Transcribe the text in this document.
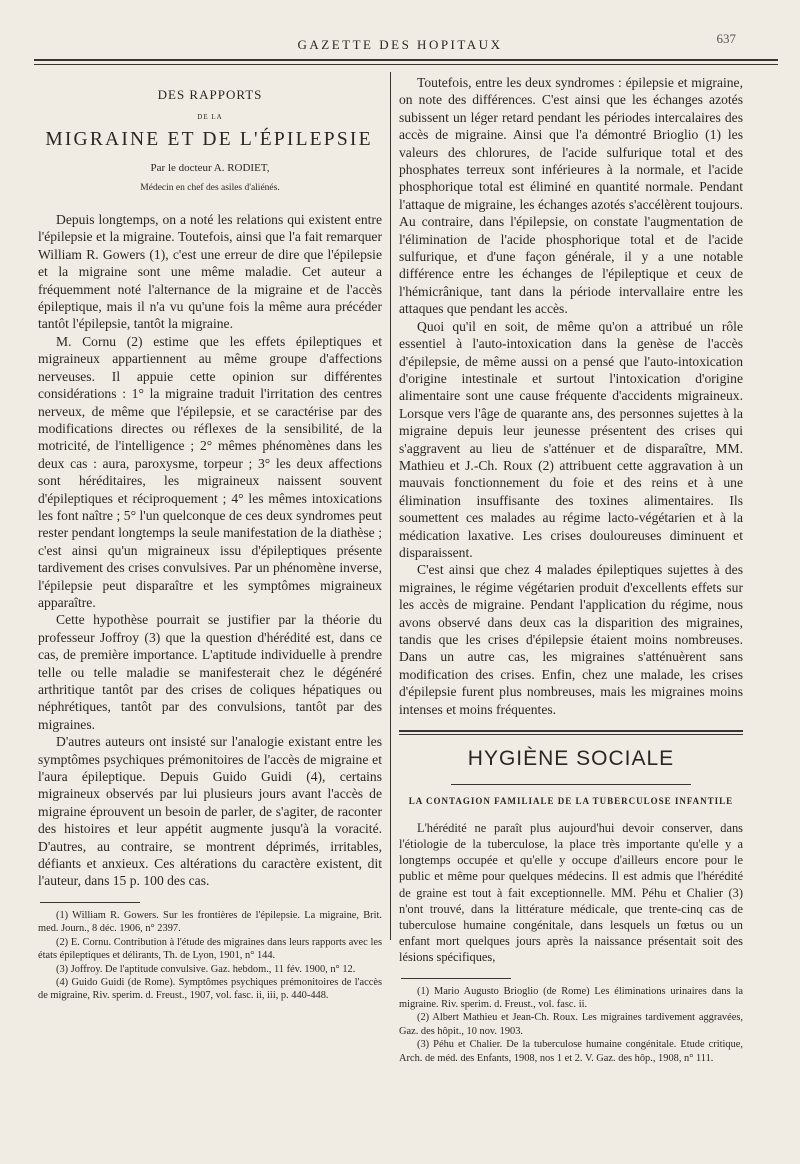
GAZETTE DES HOPITAUX	637
DES RAPPORTS
DE LA
MIGRAINE ET DE L'ÉPILEPSIE
Par le docteur A. RODIET,
Médecin en chef des asiles d'aliénés.

Depuis longtemps, on a noté les relations qui existent entre l'épilepsie et la migraine. Toutefois, ainsi que l'a fait remarquer William R. Gowers (1), c'est une erreur de dire que l'épilepsie et la migraine sont une même maladie. Cet auteur a fréquemment noté l'alternance de la migraine et de l'accès épileptique, mais il n'a vu qu'une fois la même aura précéder tantôt l'épilepsie, tantôt la migraine.

M. Cornu (2) estime que les effets épileptiques et migraineux appartiennent au même groupe d'affections nerveuses. Il appuie cette opinion sur différentes considérations : 1° la migraine traduit l'irritation des centres nerveux, de même que l'épilepsie, et se caractérise par des modifications directes ou réflexes de la sensibilité, de la motricité, de l'intelligence ; 2° mêmes phénomènes dans les deux cas : aura, paroxysme, torpeur ; 3° les deux affections sont héréditaires, les migraineux naissent souvent d'épileptiques et réciproquement ; 4° les mêmes intoxications les font naître ; 5° l'un quelconque de ces deux syndromes peut rester pendant longtemps la seule manifestation de la diathèse ; c'est ainsi qu'un migraineux issu d'épileptiques présente tardivement des crises convulsives. Par un phénomène inverse, l'épilepsie peut disparaître et les symptômes migraineux apparaître.

Cette hypothèse pourrait se justifier par la théorie du professeur Joffroy (3) que la question d'hérédité est, dans ce cas, de première importance. L'aptitude individuelle à prendre telle ou telle maladie se manifesterait chez le dégénéré arthritique tantôt par des crises de coliques hépatiques ou néphrétiques, tantôt par des convulsions, tantôt par des migraines.

D'autres auteurs ont insisté sur l'analogie existant entre les symptômes psychiques prémonitoires de l'accès de migraine et l'aura épileptique. Depuis Guido Guidi (4), certains migraineux observés par lui plusieurs jours avant l'accès de migraine éprouvent un besoin de parler, de s'agiter, de raconter des histoires et leur appétit augmente jusqu'à la voracité. D'autres, au contraire, se montrent déprimés, irritables, défiants et anxieux. Ces altérations du caractère existent, dit l'auteur, dans 15 p. 100 des cas.

(1) William R. Gowers. Sur les frontières de l'épilepsie. La migraine, Brit. med. Journ., 8 déc. 1906, n° 2397.

(2) E. Cornu. Contribution à l'étude des migraines dans leurs rapports avec les états épileptiques et délirants, Th. de Lyon, 1901, n° 144.

(3) Joffroy. De l'aptitude convulsive. Gaz. hebdom., 11 fév. 1900, n° 12.

(4) Guido Guidi (de Rome). Symptômes psychiques prémonitoires de l'accès de migraine, Riv. sperim. d. Freust., 1907, vol. fasc. ii, iii, p. 440-448.

Toutefois, entre les deux syndromes : épilepsie et migraine, on note des différences. C'est ainsi que les échanges azotés subissent un léger retard pendant les périodes intercalaires des accès de migraine. Ainsi que l'a démontré Brioglio (1) les valeurs des chlorures, de l'acide sulfurique total et des phosphates terreux sont inférieures à la normale, et l'acide phosphorique total est éliminé en quantité normale. Pendant l'attaque de migraine, les échanges azotés s'accélèrent toujours. Au contraire, dans l'épilepsie, on constate l'augmentation de l'élimination de l'acide phosphorique total et de l'acide sulfurique, et d'une façon générale, il y a une notable différence entre les échanges de l'épileptique et ceux de l'hémicrânique, tant dans la période intervallaire entre les attaques que pendant les accès.

Quoi qu'il en soit, de même qu'on a attribué un rôle essentiel à l'auto-intoxication dans la genèse de l'accès d'épilepsie, de même aussi on a pensé que l'auto-intoxication d'origine intestinale et surtout l'intoxication d'origine alimentaire sont une cause fréquente d'accidents migraineux. Lorsque vers l'âge de quarante ans, des personnes sujettes à la migraine depuis leur jeunesse présentent des crises qui s'aggravent au lieu de s'atténuer et de disparaître, MM. Mathieu et J.-Ch. Roux (2) attribuent cette aggravation à un mauvais fonctionnement du foie et des reins et à une élimination insuffisante des toxines alimentaires. Ils soumettent ces malades au régime lacto-végétarien et à la médication laxative. Les crises douloureuses diminuent et disparaissent.

C'est ainsi que chez 4 malades épileptiques sujettes à des migraines, le régime végétarien produit d'excellents effets sur les accès de migraine. Pendant l'application du régime, nous avons observé dans deux cas la disparition des migraines, tandis que les crises d'épilepsie étaient moins nombreuses. Dans un autre cas, les migraines s'atténuèrent sans modification des crises. Enfin, chez une malade, les crises d'épilepsie furent plus nombreuses, mais les migraines moins intenses et moins fréquentes.

HYGIÈNE SOCIALE
LA CONTAGION FAMILIALE DE LA TUBERCULOSE INFANTILE

L'hérédité ne paraît plus aujourd'hui devoir conserver, dans l'étiologie de la tuberculose, la place très importante qu'elle y a longtemps occupée et qu'elle y occupe d'ailleurs encore pour le public et même pour quelques médecins. Il est admis que l'hérédité de graine est tout à fait exceptionnelle. MM. Péhu et Chalier (3) n'ont trouvé, dans la littérature médicale, que trente-cinq cas de tuberculose humaine congénitale, dans lesquels un fœtus ou un enfant mort quelques jours après la naissance présentait soit des lésions spécifiques,

(1) Mario Augusto Brioglio (de Rome) Les éliminations urinaires dans la migraine. Riv. sperim. d. Freust., vol. fasc. ii.

(2) Albert Mathieu et Jean-Ch. Roux. Les migraines tardivement aggravées, Gaz. des hôpit., 10 nov. 1903.

(3) Péhu et Chalier. De la tuberculose humaine congénitale. Etude critique, Arch. de méd. des Enfants, 1908, nos 1 et 2. V. Gaz. des hôp., 1908, n° 111.
